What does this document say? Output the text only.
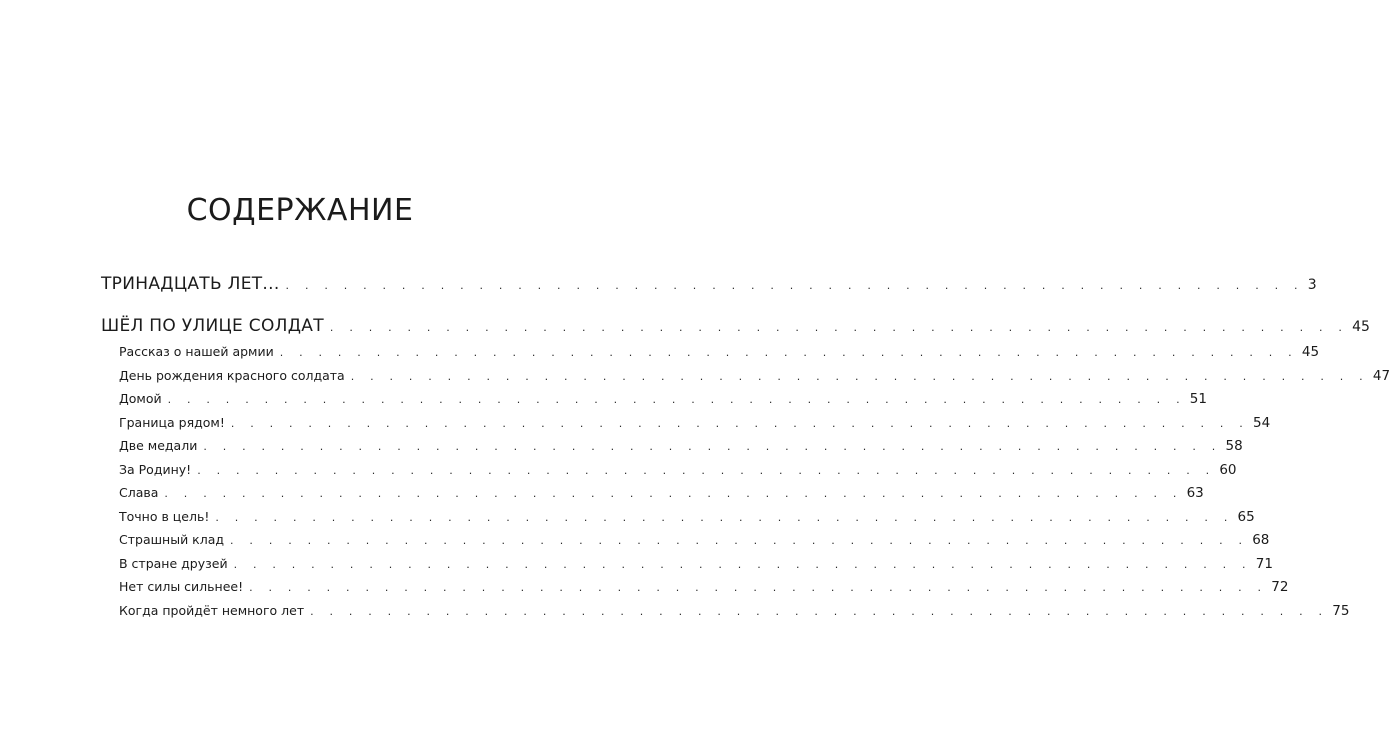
СОДЕРЖАНИЕ
ТРИНАДЦАТЬ ЛЕТ... . . . . . . . . . . . . . . . . . . . . . . . . . . . . . . . . . . . . . . . . . . . . . . . . . . . . . 3
ШЁЛ ПО УЛИЦЕ СОЛДАТ . . . . . . . . . . . . . . . . . . . . . . . . . . . . . . . . . . . . . . . . . . . . . . . . . . . . . 45
Рассказ о нашей армии . . . . . . . . . . . . . . . . . . . . . . . . . . . . . . . . . . . . . . . . . . . . . . . . . . . . . 45
День рождения красного солдата . . . . . . . . . . . . . . . . . . . . . . . . . . . . . . . . . . . . . . . . . . . . . . . . . . . . . 47
Домой . . . . . . . . . . . . . . . . . . . . . . . . . . . . . . . . . . . . . . . . . . . . . . . . . . . . . 51
Граница рядом! . . . . . . . . . . . . . . . . . . . . . . . . . . . . . . . . . . . . . . . . . . . . . . . . . . . . . 54
Две медали . . . . . . . . . . . . . . . . . . . . . . . . . . . . . . . . . . . . . . . . . . . . . . . . . . . . . 58
За Родину! . . . . . . . . . . . . . . . . . . . . . . . . . . . . . . . . . . . . . . . . . . . . . . . . . . . . . 60
Слава . . . . . . . . . . . . . . . . . . . . . . . . . . . . . . . . . . . . . . . . . . . . . . . . . . . . . 63
Точно в цель! . . . . . . . . . . . . . . . . . . . . . . . . . . . . . . . . . . . . . . . . . . . . . . . . . . . . . 65
Страшный клад . . . . . . . . . . . . . . . . . . . . . . . . . . . . . . . . . . . . . . . . . . . . . . . . . . . . . 68
В стране друзей . . . . . . . . . . . . . . . . . . . . . . . . . . . . . . . . . . . . . . . . . . . . . . . . . . . . . 71
Нет силы сильнее! . . . . . . . . . . . . . . . . . . . . . . . . . . . . . . . . . . . . . . . . . . . . . . . . . . . . . 72
Когда пройдёт немного лет . . . . . . . . . . . . . . . . . . . . . . . . . . . . . . . . . . . . . . . . . . . . . . . . . . . . . 75
